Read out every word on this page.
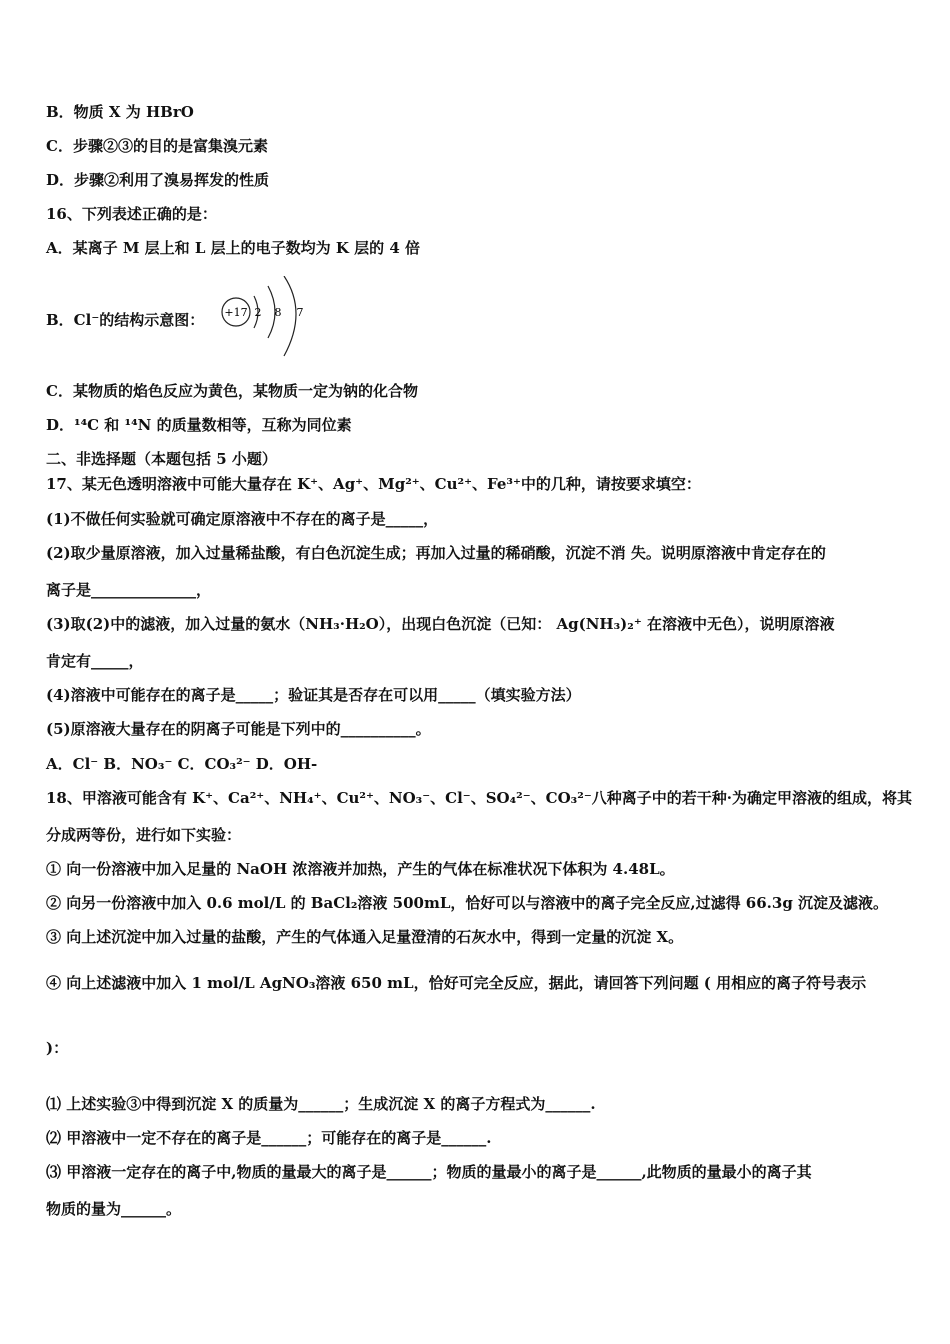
B．物质 X 为 HBrO
C．步骤②③的目的是富集溴元素
D．步骤②利用了溴易挥发的性质
16、下列表述正确的是：
A．某离子 M 层上和 L 层上的电子数均为 K 层的 4 倍
B．Cl⁻的结构示意图： +17 2 8 7
C．某物质的焰色反应为黄色，某物质一定为钠的化合物
D．¹⁴C 和 ¹⁴N 的质量数相等，互称为同位素
二、非选择题（本题包括 5 小题）
17、某无色透明溶液中可能大量存在 K⁺、Ag⁺、Mg²⁺、Cu²⁺、Fe³⁺中的几种，请按要求填空：
(1)不做任何实验就可确定原溶液中不存在的离子是_____，
(2)取少量原溶液，加入过量稀盐酸，有白色沉淀生成；再加入过量的稀硝酸，沉淀不消 失。说明原溶液中肯定存在的
离子是______________，
(3)取(2)中的滤液，加入过量的氨水（NH₃·H₂O），出现白色沉淀（已知： Ag(NH₃)₂⁺ 在溶液中无色），说明原溶液
肯定有_____，
(4)溶液中可能存在的离子是_____；验证其是否存在可以用_____（填实验方法）
(5)原溶液大量存在的阴离子可能是下列中的__________。
A．Cl⁻ B．NO₃⁻ C．CO₃²⁻ D．OH-
18、甲溶液可能含有 K⁺、Ca²⁺、NH₄⁺、Cu²⁺、NO₃⁻、Cl⁻、SO₄²⁻、CO₃²⁻八种离子中的若干种·为确定甲溶液的组成，将其
分成两等份，进行如下实验：
① 向一份溶液中加入足量的 NaOH 浓溶液并加热，产生的气体在标准状况下体积为 4.48L。
② 向另一份溶液中加入 0.6 mol/L 的 BaCl₂溶液 500mL，恰好可以与溶液中的离子完全反应,过滤得 66.3g 沉淀及滤液。
③ 向上述沉淀中加入过量的盐酸，产生的气体通入足量澄清的石灰水中，得到一定量的沉淀 X。
④ 向上述滤液中加入 1 mol/L AgNO₃溶液 650 mL，恰好可完全反应，据此，请回答下列问题 ( 用相应的离子符号表示
)：
⑴ 上述实验③中得到沉淀 X 的质量为______；生成沉淀 X 的离子方程式为______.
⑵ 甲溶液中一定不存在的离子是______；可能存在的离子是______.
⑶ 甲溶液一定存在的离子中,物质的量最大的离子是______；物质的量最小的离子是______,此物质的量最小的离子其
物质的量为______。
